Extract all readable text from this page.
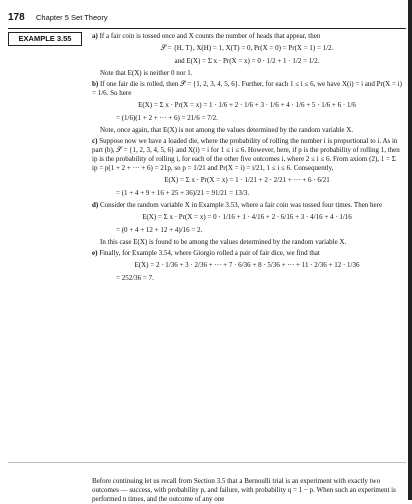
178 Chapter 5 Set Theory
EXAMPLE 3.55	a) If a fair coin is tossed once and X counts the number of heads that appear, then

𝒮 = {H, T}, X(H) = 1, X(T) = 0, Pr(X = 0) = Pr(X = 1) = 1/2.
and E(X) = Σ x · Pr(X = x) = 0 · 1/2 + 1 · 1/2 = 1/2.

Note that E(X) is neither 0 nor 1.

b) If one fair die is rolled, then 𝒮 = {1, 2, 3, 4, 5, 6}. Further, for each 1 ≤ i ≤ 6, we have X(i) = i and Pr(X = i) = 1/6. So here

E(X) = Σ x · Pr(X = x) = 1 · 1/6 + 2 · 1/6 + 3 · 1/6 + 4 · 1/6 + 5 · 1/6 + 6 · 1/6
= (1/6)(1 + 2 + ··· + 6) = 21/6 = 7/2.

Note, once again, that E(X) is not among the values determined by the random variable X.

c) Suppose now we have a loaded die, where the probability of rolling the number i is proportional to i. As in part (b), 𝒮 = {1, 2, 3, 4, 5, 6} and X(i) = i for 1 ≤ i ≤ 6. However, here, if p is the probability of rolling 1, then ip is the probability of rolling i, for each of the other five outcomes i, where 2 ≤ i ≤ 6. From axiom (2), 1 = Σ ip = p(1 + 2 + ··· + 6) = 21p, so p = 1/21 and Pr(X = i) = i/21, 1 ≤ i ≤ 6. Consequently,

E(X) = Σ x · Pr(X = x) = 1 · 1/21 + 2 · 2/21 + ··· + 6 · 6/21
= (1 + 4 + 9 + 16 + 25 + 36)/21 = 91/21 = 13/3.

d) Consider the random variable X in Example 3.53, where a fair coin was tossed four times. Then here

E(X) = Σ x · Pr(X = x) = 0 · 1/16 + 1 · 4/16 + 2 · 6/16 + 3 · 4/16 + 4 · 1/16
= (0 + 4 + 12 + 12 + 4)/16 = 2.

In this case E(X) is found to be among the values determined by the random variable X.

e) Finally, for Example 3.54, where Giorgio rolled a pair of fair dice, we find that

E(X) = 2 · 1/36 + 3 · 2/36 + ··· + 7 · 6/36 + 8 · 5/36 + ··· + 11 · 2/36 + 12 · 1/36
= 252/36 = 7.

Before continuing let us recall from Section 3.5 that a Bernoulli trial is an experiment with exactly two outcomes — success, with probability p, and failure, with probability q = 1 − p. When such an experiment is performed n times, and the outcome of any one
